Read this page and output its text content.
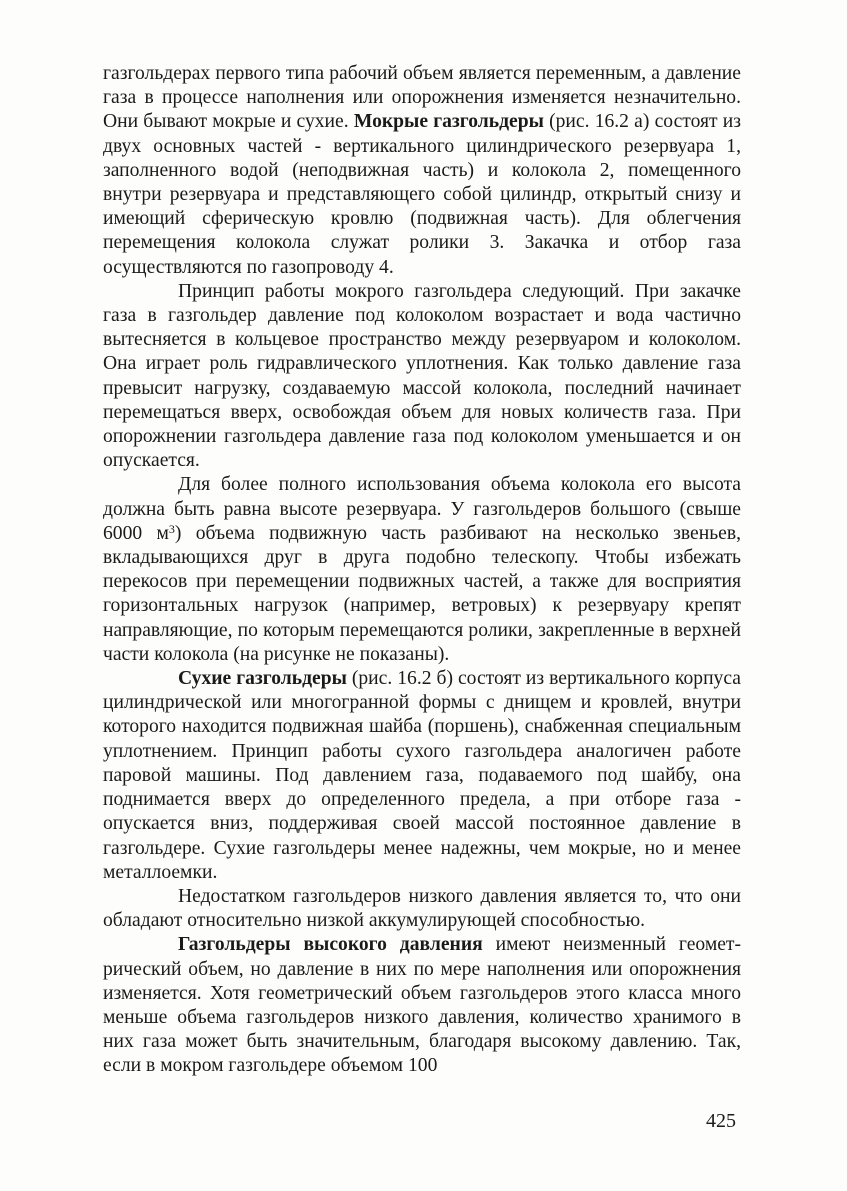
газгольдерах первого типа рабочий объем является переменным, а давление газа в процессе наполнения или опорожнения изменяется незначительно. Они бывают мокрые и сухие. Мокрые газгольдеры (рис. 16.2 а) состоят из двух основных частей - вертикального цилиндрического резервуара 1, заполненного водой (неподвижная часть) и колокола 2, помещенного внутри резервуара и представляющего собой цилиндр, открытый снизу и имеющий сферическую кровлю (подвижная часть). Для облегчения перемещения колокола служат ролики 3. Закачка и отбор газа осуществляются по газопроводу 4.

Принцип работы мокрого газгольдера следующий. При закачке газа в газгольдер давление под колоколом возрастает и вода частично вытесняется в кольцевое пространство между резервуаром и колоколом. Она играет роль гидравлического уплотнения. Как только давление газа превысит нагрузку, создаваемую массой колокола, последний начинает перемещаться вверх, освобождая объем для новых количеств газа. При опорожнении газгольдера давление газа под колоколом уменьшается и он опускается.

Для более полного использования объема колокола его высота должна быть равна высоте резервуара. У газгольдеров большого (свыше 6000 $м^3$) объема подвижную часть разбивают на несколько звеньев, вкладывающихся друг в друга подобно телескопу. Чтобы избежать перекосов при перемещении подвижных частей, а также для восприятия горизонтальных нагрузок (например, ветровых) к резервуару крепят направляющие, по которым перемещаются ролики, закрепленные в верхней части колокола (на рисунке не показаны).

Сухие газгольдеры (рис. 16.2 б) состоят из вертикального корпуса цилиндрической или многогранной формы с днищем и кровлей, внутри которого находится подвижная шайба (поршень), снабженная специальным уплотнением. Принцип работы сухого газгольдера аналогичен работе паровой машины. Под давлением газа, подаваемого под шайбу, она поднимается вверх до определенного предела, а при отборе газа - опускается вниз, поддерживая своей массой постоянное давление в газгольдере. Сухие газгольдеры менее надежны, чем мокрые, но и менее металлоемки.

Недостатком газгольдеров низкого давления является то, что они обладают относительно низкой аккумулирующей способностью.

Газгольдеры высокого давления имеют неизменный геометрический объем, но давление в них по мере наполнения или опорожнения изменяется. Хотя геометрический объем газгольдеров этого класса много меньше объема газгольдеров низкого давления, количество хранимого в них газа может быть значительным, благодаря высокому давлению. Так, если в мокром газгольдере объемом 100

425
